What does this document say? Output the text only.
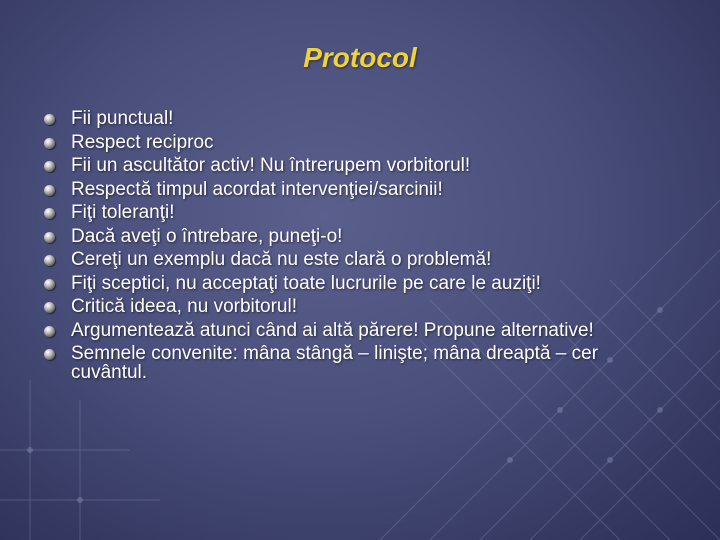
Protocol
Fii punctual!
Respect reciproc
Fii un ascultător activ! Nu întrerupem vorbitorul!
Respectă timpul acordat intervenţiei/sarcinii!
Fiţi toleranţi!
Dacă aveţi o întrebare, puneţi-o!
Cereţi un exemplu dacă nu este clară o problemă!
Fiţi sceptici, nu acceptaţi toate lucrurile pe care le auziţi!
Critică ideea, nu vorbitorul!
Argumentează atunci când ai altă părere! Propune alternative!
Semnele convenite: mâna stângă – linişte; mâna dreaptă – cer cuvântul.
